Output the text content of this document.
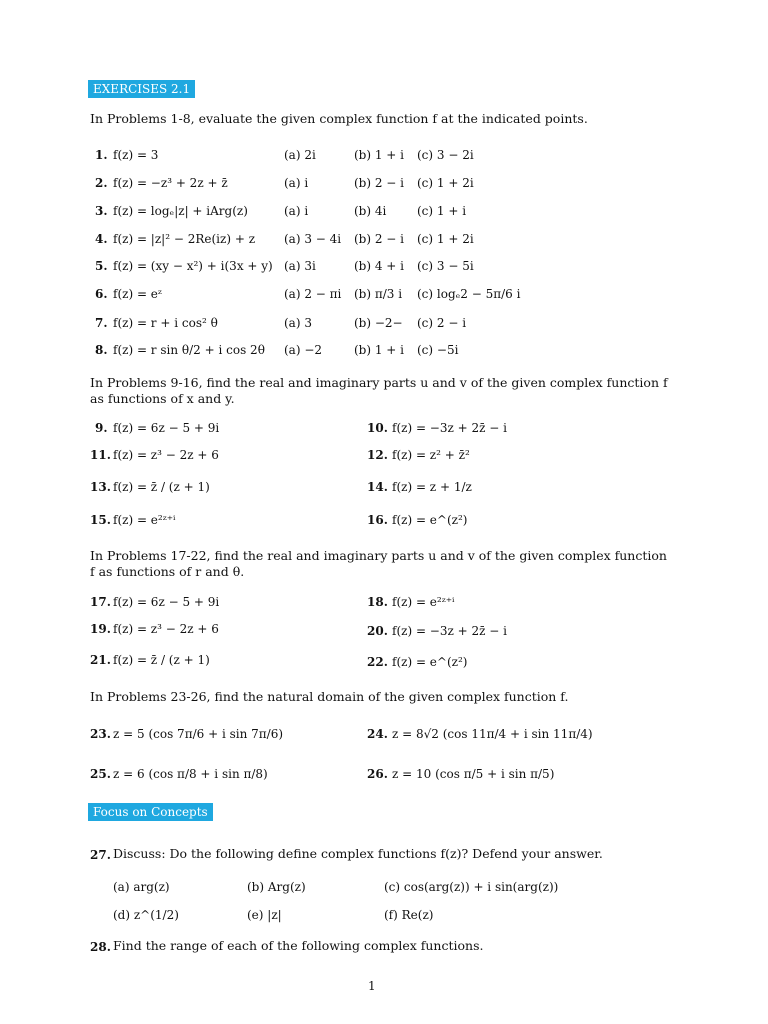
EXERCISES 2.1
In Problems 1-8, evaluate the given complex function f at the indicated points.
1. f(z) = 3	(a) 2i	(b) 1 + i (c) 3 − 2i
2. f(z) = −z³ + 2z + z̄	(a) i	(b) 2 − i (c) 1 + 2i
3. f(z) = logₑ|z| + iArg(z)	(a) i	(b) 4i	(c) 1 + i
4. f(z) = |z|² − 2Re(iz) + z (a) 3 − 4i (b) 2 − i (c) 1 + 2i
5. f(z) = (xy − x²) + i(3x + y) (a) 3i	(b) 4 + i (c) 3 − 5i
6. f(z) = eᶻ	(a) 2 − πi (b) π/3 i (c) logₑ2 − 5π/6 i
7. f(z) = r + i cos² θ	(a) 3	(b) −2− (c) 2 − i
8. f(z) = r sin θ/2 + i cos 2θ (a) −2	(b) 1 + i (c) −5i
In Problems 9-16, find the real and imaginary parts u and v of the given complex function f as functions of x and y.
9. f(z) = 6z − 5 + 9i	10. f(z) = −3z + 2z̄ − i
11. f(z) = z³ − 2z + 6	12. f(z) = z² + z̄²
13. f(z) = z̄ / (z + 1)	14. f(z) = z + 1/z
15. f(z) = e²ᶻ⁺ⁱ	16. f(z) = e^(z²)
In Problems 17-22, find the real and imaginary parts u and v of the given complex function f as functions of r and θ.
17. f(z) = 6z − 5 + 9i	18. f(z) = e²ᶻ⁺ⁱ
19. f(z) = z³ − 2z + 6	20. f(z) = −3z + 2z̄ − i
21. f(z) = z̄ / (z + 1)	22. f(z) = e^(z²)
In Problems 23-26, find the natural domain of the given complex function f.
23. z = 5 (cos 7π/6 + i sin 7π/6)	24. z = 8√2 (cos 11π/4 + i sin 11π/4)
25. z = 6 (cos π/8 + i sin π/8)	26. z = 10 (cos π/5 + i sin π/5)
Focus on Concepts
27. Discuss: Do the following define complex functions f(z)? Defend your answer.
(a) arg(z)	(b) Arg(z)	(c) cos(arg(z)) + i sin(arg(z))
(d) z^(1/2)	(e) |z|	(f) Re(z)
28. Find the range of each of the following complex functions.
1
